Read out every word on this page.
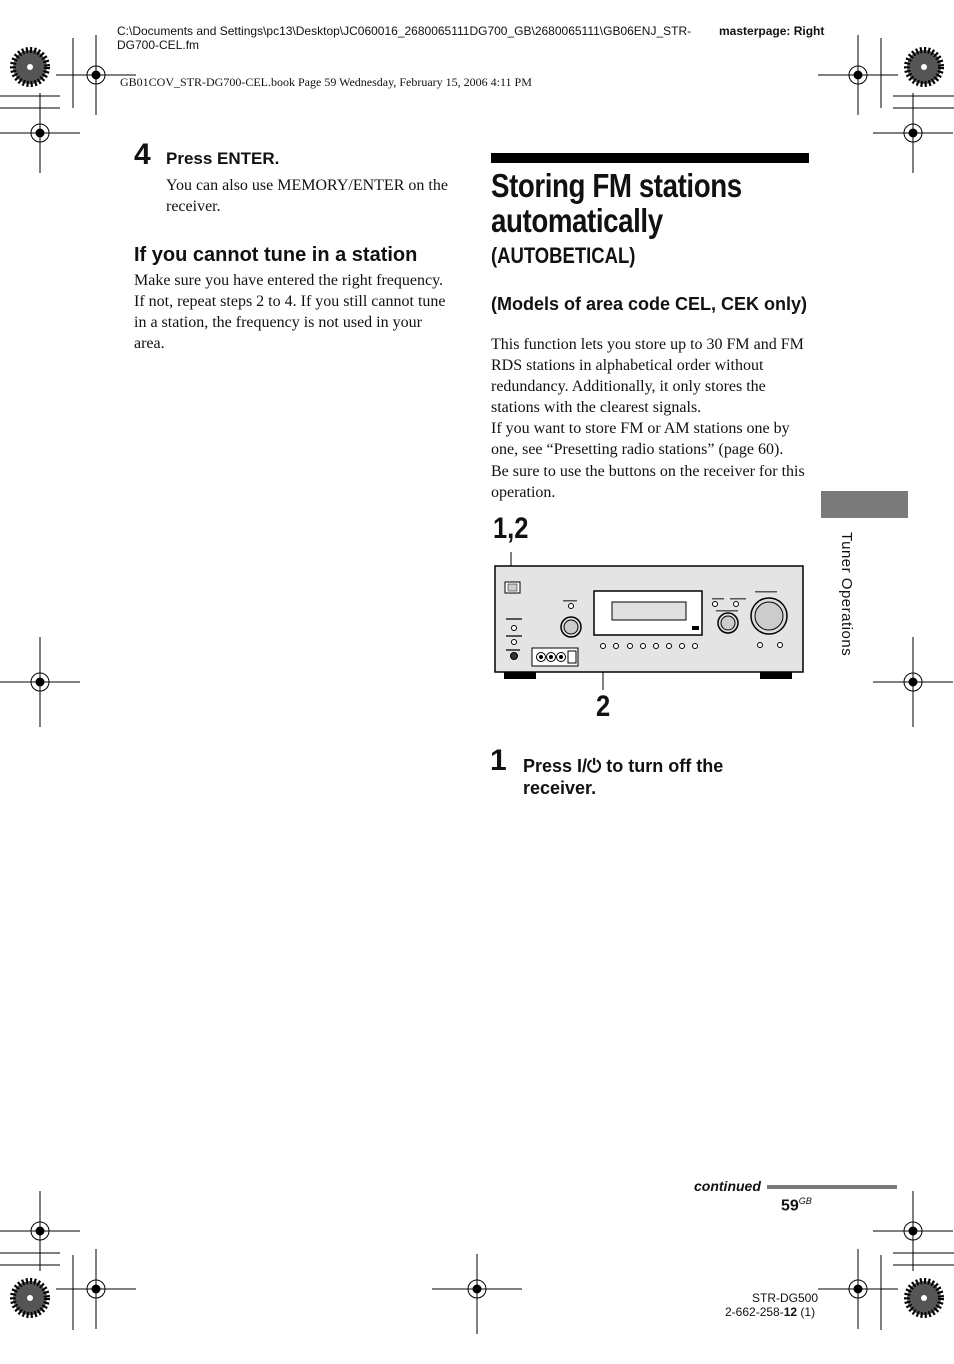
C:\Documents and Settings\pc13\Desktop\JC060016_2680065111DG700_GB\2680065111\GB06ENJ_STR-DG700-CEL.fm
masterpage: Right
GB01COV_STR-DG700-CEL.book Page 59 Wednesday, February 15, 2006 4:11 PM
4 Press ENTER.
You can also use MEMORY/ENTER on the receiver.
If you cannot tune in a station
Make sure you have entered the right frequency. If not, repeat steps 2 to 4. If you still cannot tune in a station, the frequency is not used in your area.
Storing FM stations automatically
(AUTOBETICAL)
(Models of area code CEL, CEK only)
This function lets you store up to 30 FM and FM RDS stations in alphabetical order without redundancy. Additionally, it only stores the stations with the clearest signals.
If you want to store FM or AM stations one by one, see “Presetting radio stations” (page 60).
Be sure to use the buttons on the receiver for this operation.
1,2
2
1 Press I/⏻ to turn off the receiver.
Tuner Operations
continued
$59^{GB}$
STR-DG500
2-662-258-12 (1)
